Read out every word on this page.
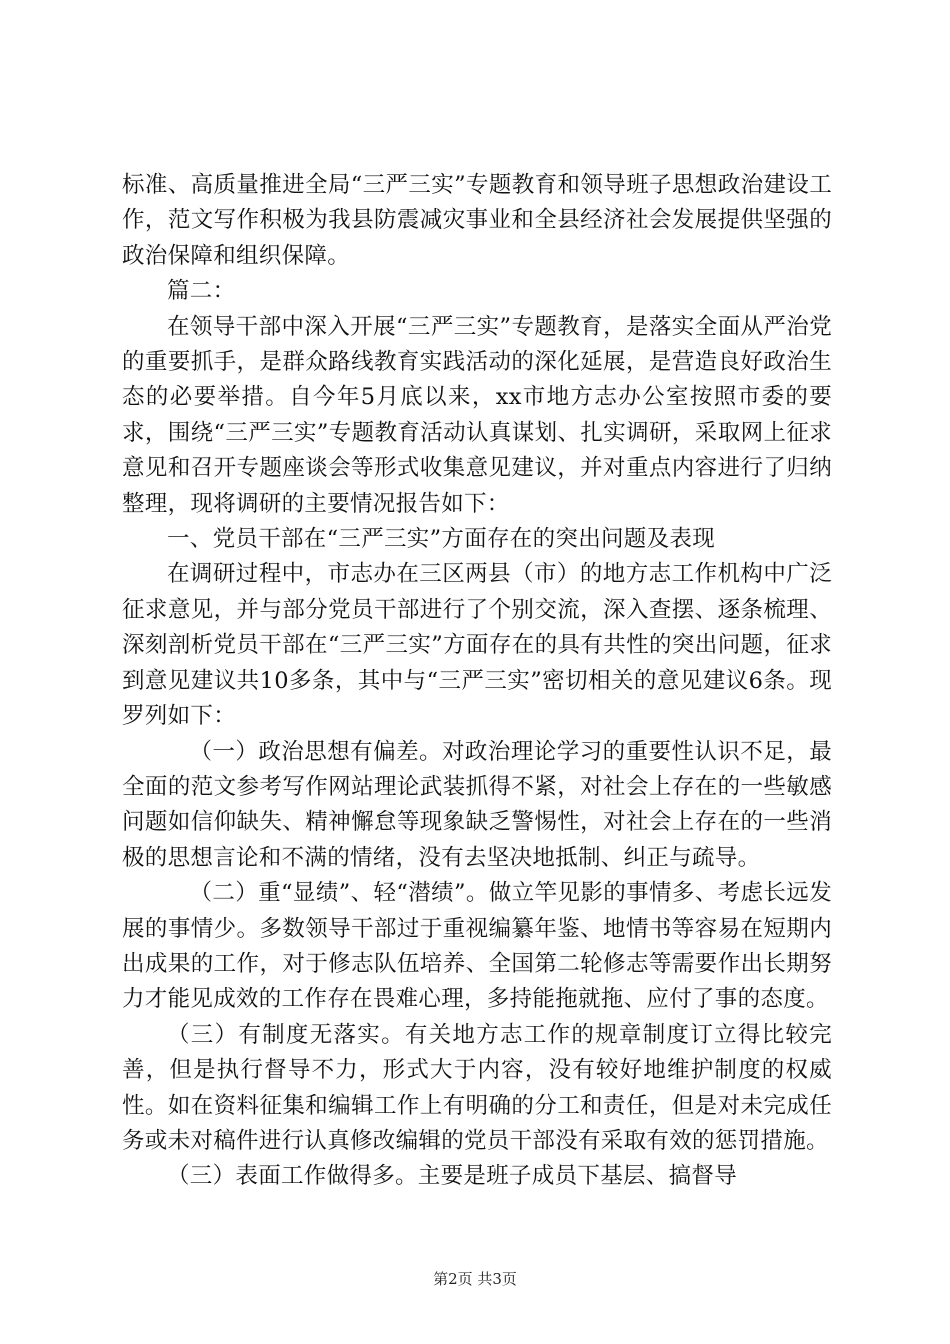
标准、高质量推进全局“三严三实”专题教育和领导班子思想政治建设工作，范文写作积极为我县防震减灾事业和全县经济社会发展提供坚强的政治保障和组织保障。

篇二：

在领导干部中深入开展“三严三实”专题教育，是落实全面从严治党的重要抓手，是群众路线教育实践活动的深化延展，是营造良好政治生态的必要举措。自今年5月底以来，xx市地方志办公室按照市委的要求，围绕“三严三实”专题教育活动认真谋划、扎实调研，采取网上征求意见和召开专题座谈会等形式收集意见建议，并对重点内容进行了归纳整理，现将调研的主要情况报告如下：

一、党员干部在“三严三实”方面存在的突出问题及表现

在调研过程中，市志办在三区两县（市）的地方志工作机构中广泛征求意见，并与部分党员干部进行了个别交流，深入查摆、逐条梳理、深刻剖析党员干部在“三严三实”方面存在的具有共性的突出问题，征求到意见建议共10多条，其中与“三严三实”密切相关的意见建议6条。现罗列如下：

（一）政治思想有偏差。对政治理论学习的重要性认识不足，最全面的范文参考写作网站理论武装抓得不紧，对社会上存在的一些敏感问题如信仰缺失、精神懈怠等现象缺乏警惕性，对社会上存在的一些消极的思想言论和不满的情绪，没有去坚决地抵制、纠正与疏导。

（二）重“显绩”、轻“潜绩”。做立竿见影的事情多、考虑长远发展的事情少。多数领导干部过于重视编纂年鉴、地情书等容易在短期内出成果的工作，对于修志队伍培养、全国第二轮修志等需要作出长期努力才能见成效的工作存在畏难心理，多持能拖就拖、应付了事的态度。

（三）有制度无落实。有关地方志工作的规章制度订立得比较完善，但是执行督导不力，形式大于内容，没有较好地维护制度的权威性。如在资料征集和编辑工作上有明确的分工和责任，但是对未完成任务或未对稿件进行认真修改编辑的党员干部没有采取有效的惩罚措施。

（三）表面工作做得多。主要是班子成员下基层、搞督导

第2页 共3页
